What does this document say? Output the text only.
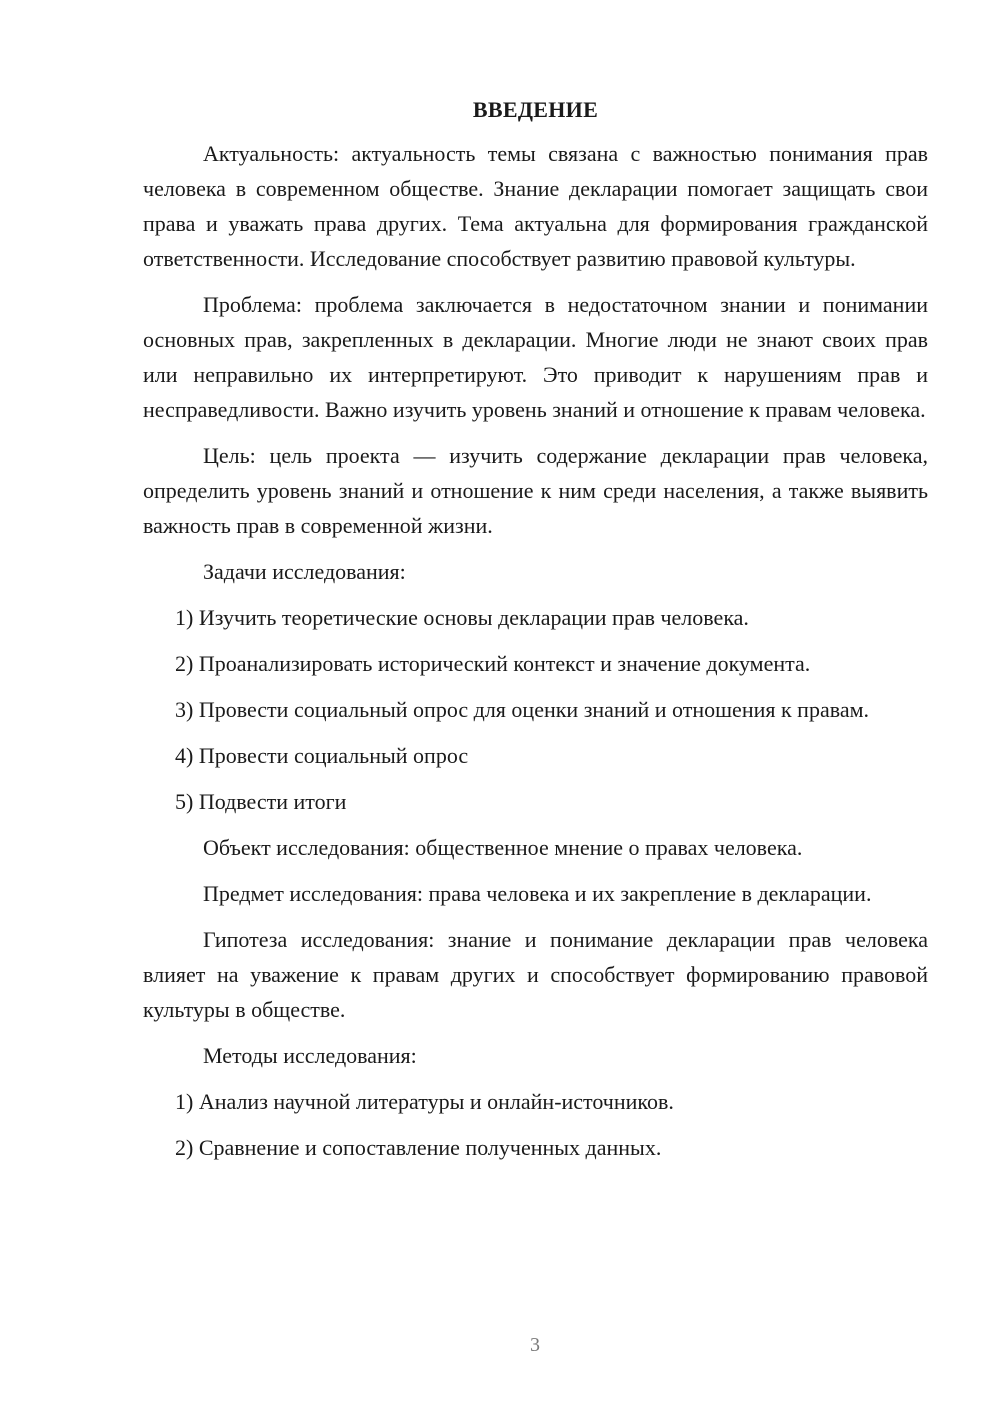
ВВЕДЕНИЕ

Актуальность: актуальность темы связана с важностью понимания прав человека в современном обществе. Знание декларации помогает защищать свои права и уважать права других. Тема актуальна для формирования гражданской ответственности. Исследование способствует развитию правовой культуры.

Проблема: проблема заключается в недостаточном знании и понимании основных прав, закрепленных в декларации. Многие люди не знают своих прав или неправильно их интерпретируют. Это приводит к нарушениям прав и несправедливости. Важно изучить уровень знаний и отношение к правам человека.

Цель: цель проекта — изучить содержание декларации прав человека, определить уровень знаний и отношение к ним среди населения, а также выявить важность прав в современной жизни.

Задачи исследования:

1) Изучить теоретические основы декларации прав человека.

2) Проанализировать исторический контекст и значение документа.

3) Провести социальный опрос для оценки знаний и отношения к правам.

4) Провести социальный опрос

5) Подвести итоги

Объект исследования: общественное мнение о правах человека.

Предмет исследования: права человека и их закрепление в декларации.

Гипотеза исследования: знание и понимание декларации прав человека влияет на уважение к правам других и способствует формированию правовой культуры в обществе.

Методы исследования:

1) Анализ научной литературы и онлайн-источников.

2) Сравнение и сопоставление полученных данных.

3
